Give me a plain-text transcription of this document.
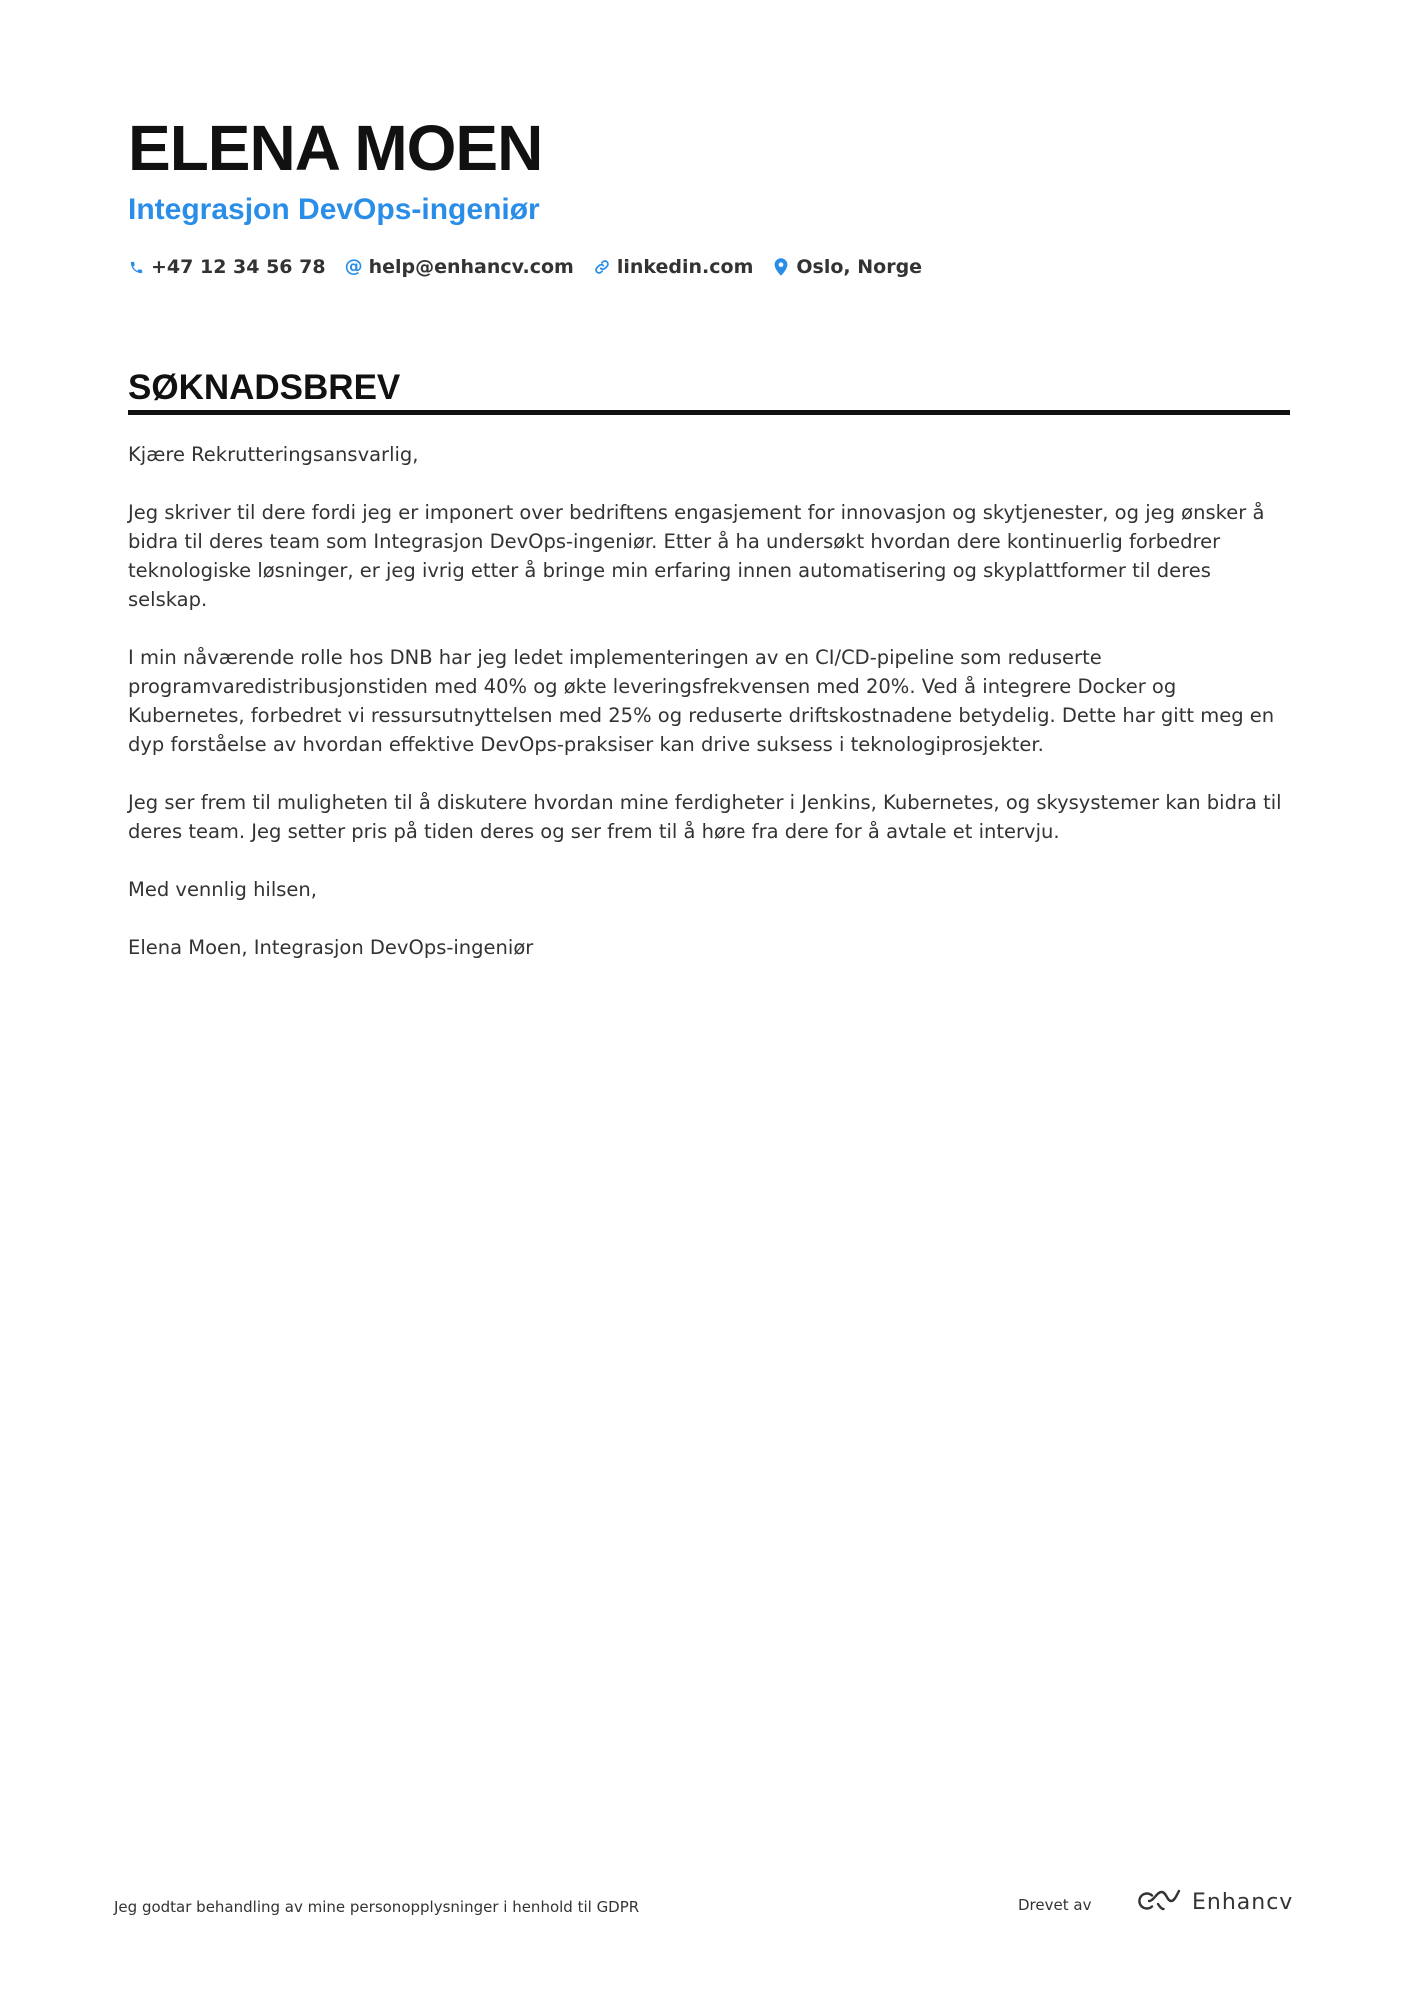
ELENA MOEN
Integrasjon DevOps-ingeniør
+47 12 34 56 78 @ help@enhancv.com linkedin.com Oslo, Norge
SØKNADSBREV

Kjære Rekrutteringsansvarlig,

Jeg skriver til dere fordi jeg er imponert over bedriftens engasjement for innovasjon og skytjenester, og jeg ønsker å bidra til deres team som Integrasjon DevOps-ingeniør. Etter å ha undersøkt hvordan dere kontinuerlig forbedrer teknologiske løsninger, er jeg ivrig etter å bringe min erfaring innen automatisering og skyplattformer til deres selskap.

I min nåværende rolle hos DNB har jeg ledet implementeringen av en CI/CD-pipeline som reduserte programvaredistribusjonstiden med 40% og økte leveringsfrekvensen med 20%. Ved å integrere Docker og Kubernetes, forbedret vi ressursutnyttelsen med 25% og reduserte driftskostnadene betydelig. Dette har gitt meg en dyp forståelse av hvordan effektive DevOps-praksiser kan drive suksess i teknologiprosjekter.

Jeg ser frem til muligheten til å diskutere hvordan mine ferdigheter i Jenkins, Kubernetes, og skysystemer kan bidra til deres team. Jeg setter pris på tiden deres og ser frem til å høre fra dere for å avtale et intervju.

Med vennlig hilsen,

Elena Moen, Integrasjon DevOps-ingeniør

Jeg godtar behandling av mine personopplysninger i henhold til GDPR	Drevet av	Enhancv
